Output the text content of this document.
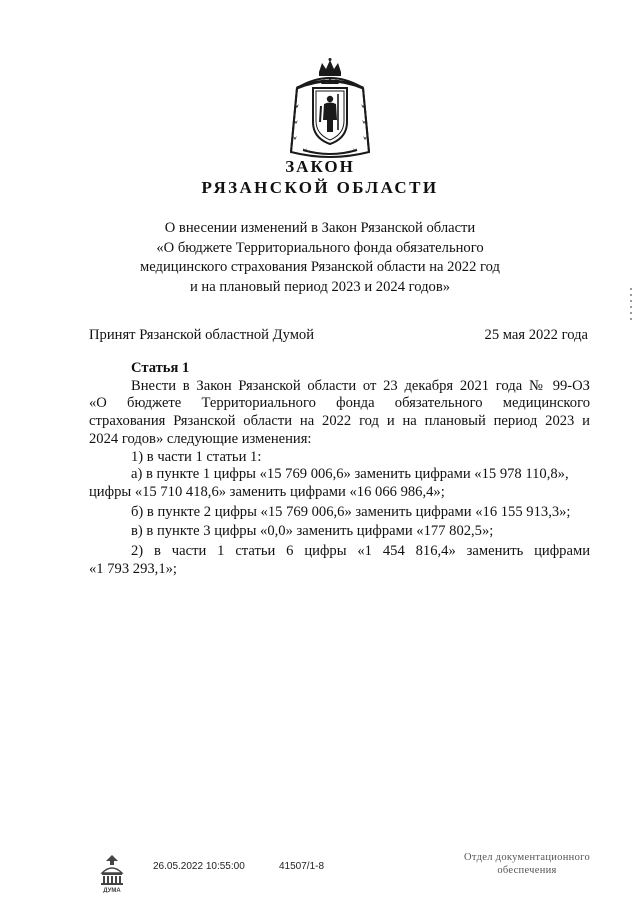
ЗАКОН
РЯЗАНСКОЙ ОБЛАСТИ
О внесении изменений в Закон Рязанской области
«О бюджете Территориального фонда обязательного
медицинского страхования Рязанской области на 2022 год
и на плановый период 2023 и 2024 годов»
Принят Рязанской областной Думой	25 мая 2022 года

Статья 1

Внести в Закон Рязанской области от 23 декабря 2021 года № 99-ОЗ

«О бюджете Территориального фонда обязательного медицинского

страхования Рязанской области на 2022 год и на плановый период 2023 и

2024 годов» следующие изменения:

1) в части 1 статьи 1:

а) в пункте 1 цифры «15 769 006,6» заменить цифрами «15 978 110,8»,

цифры «15 710 418,6» заменить цифрами «16 066 986,4»;

б) в пункте 2 цифры «15 769 006,6» заменить цифрами «16 155 913,3»;

в) в пункте 3 цифры «0,0» заменить цифрами «177 802,5»;

2) в части 1 статьи 6 цифры «1 454 816,4» заменить цифрами

«1 793 293,1»;

ДУМА
26.05.2022 10:55:00	41507/1-8
Отдел документационного
обеспечения
